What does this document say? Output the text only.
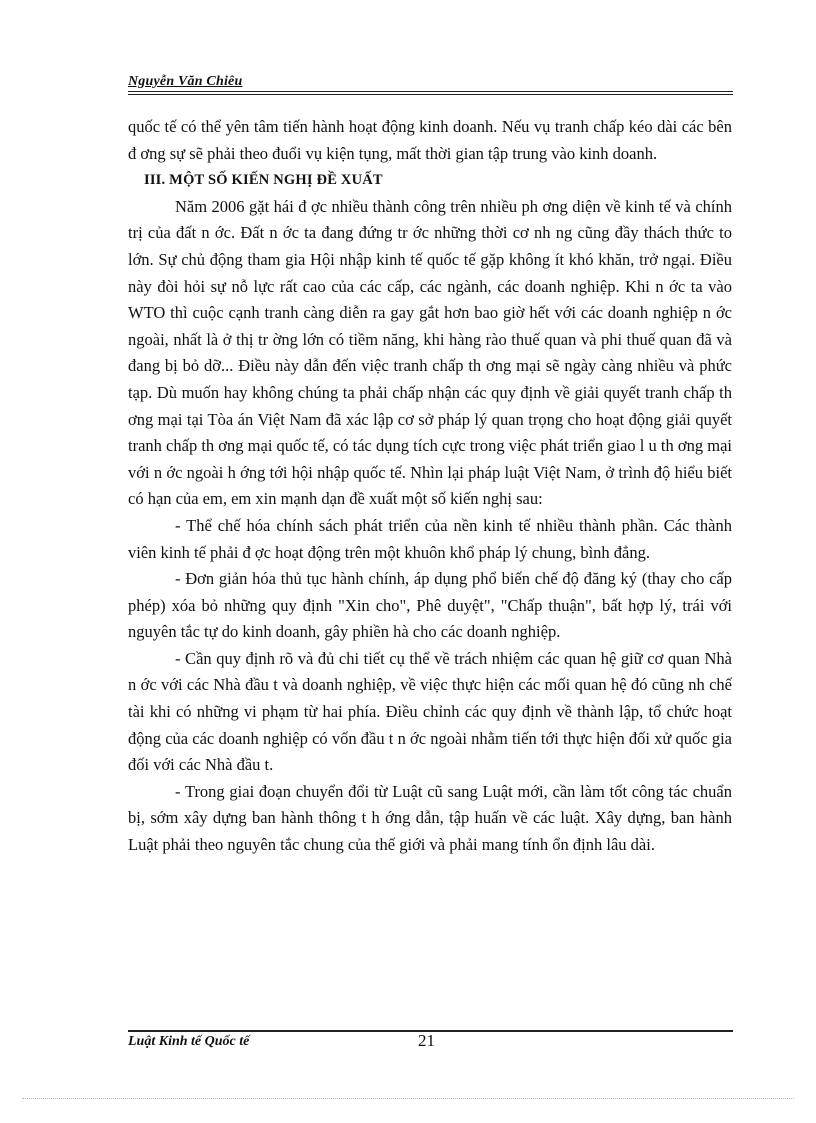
Nguyễn Văn Chiêu

quốc tế có thể yên tâm tiến hành hoạt động kinh doanh. Nếu vụ tranh chấp kéo dài các bên đ ơng sự sẽ phải theo đuổi vụ kiện tụng, mất thời gian tập trung vào kinh doanh.

III. MỘT SỐ KIẾN NGHỊ ĐỀ XUẤT

Năm 2006 gặt hái đ ợc nhiều thành công trên nhiều ph ơng diện về kinh tế và chính trị của đất n ớc. Đất n ớc ta đang đứng tr ớc những thời cơ nh ng cũng đầy thách thức to lớn. Sự chủ động tham gia Hội nhập kinh tế quốc tế gặp không ít khó khăn, trở ngại. Điều này đòi hỏi sự nỗ lực rất cao của các cấp, các ngành, các doanh nghiệp. Khi n ớc ta vào WTO thì cuộc cạnh tranh càng diễn ra gay gắt hơn bao giờ hết với các doanh nghiệp n ớc ngoài, nhất là ở thị tr ờng lớn có tiềm năng, khi hàng rào thuế quan và phi thuế quan đã và đang bị bỏ dỡ... Điều này dẫn đến việc tranh chấp th ơng mại sẽ ngày càng nhiều và phức tạp. Dù muốn hay không chúng ta phải chấp nhận các quy định về giải quyết tranh chấp th ơng mại tại Tòa án Việt Nam đã xác lập cơ sở pháp lý quan trọng cho hoạt động giải quyết tranh chấp th ơng mại quốc tế, có tác dụng tích cực trong việc phát triển giao l u th ơng mại với n ớc ngoài h ớng tới hội nhập quốc tế. Nhìn lại pháp luật Việt Nam, ở trình độ hiểu biết có hạn của em, em xin mạnh dạn đề xuất một số kiến nghị sau:

- Thể chế hóa chính sách phát triển của nền kinh tế nhiều thành phần. Các thành viên kinh tế phải đ ợc hoạt động trên một khuôn khổ pháp lý chung, bình đẳng.

- Đơn giản hóa thủ tục hành chính, áp dụng phổ biến chế độ đăng ký (thay cho cấp phép) xóa bỏ những quy định "Xin cho", Phê duyệt", "Chấp thuận", bất hợp lý, trái với nguyên tắc tự do kinh doanh, gây phiền hà cho các doanh nghiệp.

- Cần quy định rõ và đủ chi tiết cụ thể về trách nhiệm các quan hệ giữ cơ quan Nhà n ớc với các Nhà đầu t và doanh nghiệp, về việc thực hiện các mối quan hệ đó cũng nh chế tài khi có những vi phạm từ hai phía. Điều chỉnh các quy định về thành lập, tổ chức hoạt động của các doanh nghiệp có vốn đầu t n ớc ngoài nhằm tiến tới thực hiện đối xử quốc gia đối với các Nhà đầu t.

- Trong giai đoạn chuyển đổi từ Luật cũ sang Luật mới, cần làm tốt công tác chuẩn bị, sớm xây dựng ban hành thông t h ớng dẫn, tập huấn về các luật. Xây dựng, ban hành Luật phải theo nguyên tắc chung của thế giới và phải mang tính ổn định lâu dài.

Luật Kinh tế Quốc tế	21
